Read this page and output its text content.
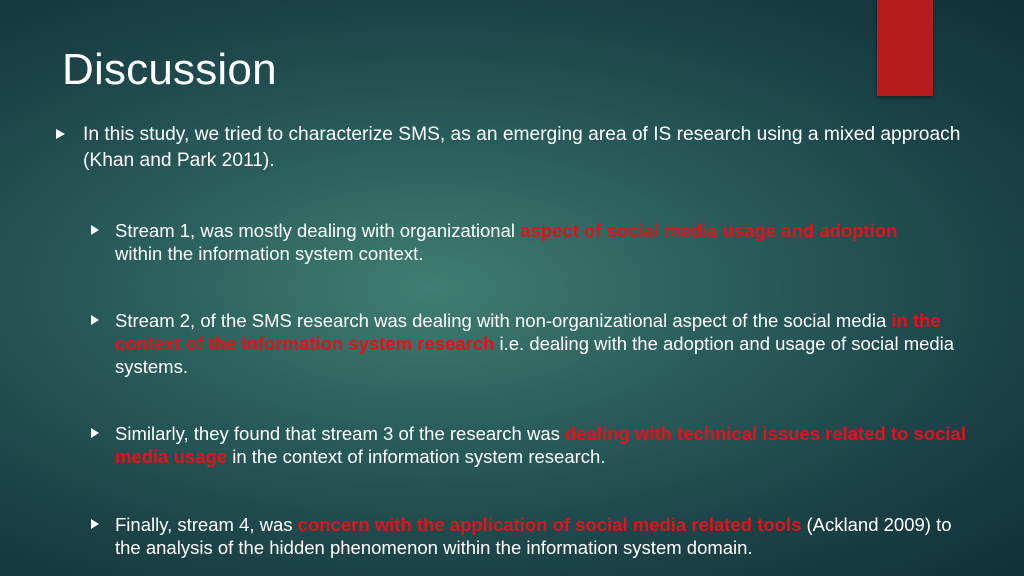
Discussion
In this study, we tried to characterize SMS, as an emerging area of IS research using a mixed approach (Khan and Park 2011).
Stream 1, was mostly dealing with organizational aspect of social media usage and adoption within the information system context.
Stream 2, of the SMS research was dealing with non-organizational aspect of the social media in the context of the information system research i.e. dealing with the adoption and usage of social media systems.
Similarly, they found that stream 3 of the research was dealing with technical issues related to social media usage in the context of information system research.
Finally, stream 4, was concern with the application of social media related tools (Ackland 2009) to the analysis of the hidden phenomenon within the information system domain.
